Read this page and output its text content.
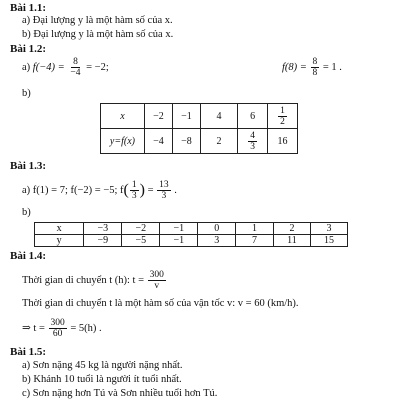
Bài 1.1:
a) Đại lượng y là một hàm số của x.
b) Đại lượng y là một hàm số của x.
Bài 1.2:
a) $f(-4) = \frac{8}{-4} = -2$;	$f(8) = \frac{8}{8} = 1$ .
b)
x	−2	−1	4	6	$\frac{1}{2}$

y=f(x)	−4	−8	2	$\frac{4}{3}$	16
Bài 1.3:
a) f(1) = 7; f(−2) = −5; $f( \frac{1}{3}$ ) = $\frac{13}{3}$ .
b)
x	−3	−2	−1	0	1	2	3
y	−9	−5	−1	3	7	11	15
Bài 1.4:
Thời gian di chuyển t (h): $t = \frac{300}{v}$
Thời gian di chuyển t là một hàm số của vận tốc v: v = 60 (km/h).
⇒ $t = \frac{300}{60} = 5(h)$ .
Bài 1.5:
a) Sơn nặng 45 kg là người nặng nhất.
b) Khánh 10 tuổi là người ít tuổi nhất.
c) Sơn nặng hơn Tú và Sơn nhiều tuổi hơn Tú.
